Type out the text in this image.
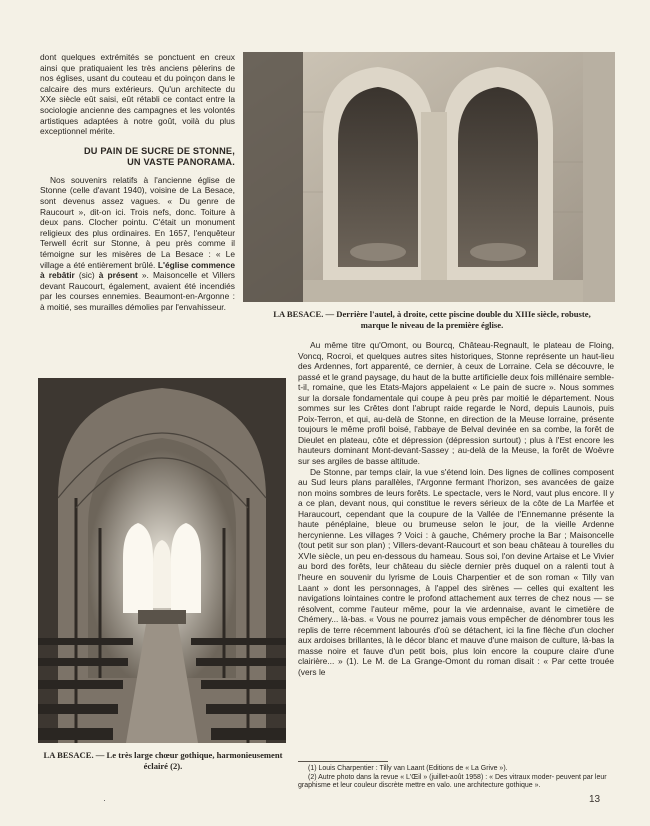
dont quelques extrémités se ponctuent en creux ainsi que pratiquaient les très anciens pèlerins de nos églises, usant du couteau et du poinçon dans le calcaire des murs extérieurs. Qu'un architecte du XXe siècle eût saisi, eût rétabli ce contact entre la sociologie ancienne des campagnes et les volontés artistiques adaptées à notre goût, voilà du plus exceptionnel mérite.

DU PAIN DE SUCRE DE STONNE,
UN VASTE PANORAMA.

Nos souvenirs relatifs à l'ancienne église de Stonne (celle d'avant 1940), voisine de La Besace, sont devenus assez vagues. « Du genre de Raucourt », dit-on ici. Trois nefs, donc. Toiture à deux pans. Clocher pointu. C'était un monument religieux des plus ordinaires. En 1657, l'enquêteur Terwell écrit sur Stonne, à peu près comme il témoigne sur les misères de La Besace : « Le village a été entièrement brûlé. L'église commence à rebâtir (sic) à présent ». Maisoncelle et Villers devant Raucourt, également, avaient été incendiés par les courses ennemies. Beaumont-en-Argonne : à moitié, ses murailles démolies par l'envahisseur.

LA BESACE. — Derrière l'autel, à droite, cette piscine double du XIIIe siècle, robuste, marque le niveau de la première église.
LA BESACE. — Le très large chœur gothique, harmonieusement éclairé (2).

Au même titre qu'Omont, ou Bourcq, Château-Regnault, le plateau de Floing, Voncq, Rocroi, et quelques autres sites historiques, Stonne représente un haut-lieu des Ardennes, fort apparenté, ce dernier, à ceux de Lorraine. Cela se découvre, le passé et le grand paysage, du haut de la butte artificielle deux fois millénaire semble-t-il, romaine, que les Etats-Majors appelaient « Le pain de sucre ». Nous sommes sur la dorsale fondamentale qui coupe à peu près par moitié le département. Nous sommes sur les Crêtes dont l'abrupt raide regarde le Nord, depuis Launois, puis Poix-Terron, et qui, au-delà de Stonne, en direction de la Meuse lorraine, présente toujours le même profil boisé, l'abbaye de Belval devinée en sa combe, la forêt de Dieulet en plateau, côte et dépression (dépression surtout) ; plus à l'Est encore les hauteurs dominant Mont-devant-Sassey ; au-delà de la Meuse, la forêt de Woëvre sur ses argiles de basse altitude.

De Stonne, par temps clair, la vue s'étend loin. Des lignes de collines composent au Sud leurs plans parallèles, l'Argonne fermant l'horizon, ses avancées de gaize non moins sombres de leurs forêts. Le spectacle, vers le Nord, vaut plus encore. Il y a ce plan, devant nous, qui constitue le revers sérieux de la côte de La Marfée et Haraucourt, cependant que la coupure de la Vallée de l'Ennemanne présente la haute pénéplaine, bleue ou brumeuse selon le jour, de la vieille Ardenne hercynienne. Les villages ? Voici : à gauche, Chémery proche la Bar ; Maisoncelle (tout petit sur son plan) ; Villers-devant-Raucourt et son beau château à tourelles du XVIe siècle, un peu en-dessous du hameau. Sous soi, l'on devine Artaise et Le Vivier au bord des forêts, leur château du siècle dernier près duquel on a ralenti tout à l'heure en souvenir du lyrisme de Louis Charpentier et de son roman « Tilly van Laant » dont les personnages, à l'appel des sirènes — celles qui exaltent les navigations lointaines contre le profond attachement aux terres de chez nous — se résolvent, comme l'auteur même, pour la vie ardennaise, avant le cimetière de Chémery... là-bas. « Vous ne pourrez jamais vous empêcher de dénombrer tous les replis de terre récemment labourés d'où se détachent, ici la fine flèche d'un clocher aux ardoises brillantes, là le décor blanc et mauve d'une maison de culture, là-bas la masse noire et fauve d'un petit bois, plus loin encore la coupure claire d'une clairière... » (1). Le M. de La Grange-Omont du roman disait : « Par cette trouée (vers le

(1) Louis Charpentier : Tilly van Laant (Editions de « La Grive »).

(2) Autre photo dans la revue « L'Œil » (juillet-août 1958) : « Des vitraux moder- peuvent par leur graphisme et leur couleur discrète mettre en valo. une architecture gothique ».

·	13
